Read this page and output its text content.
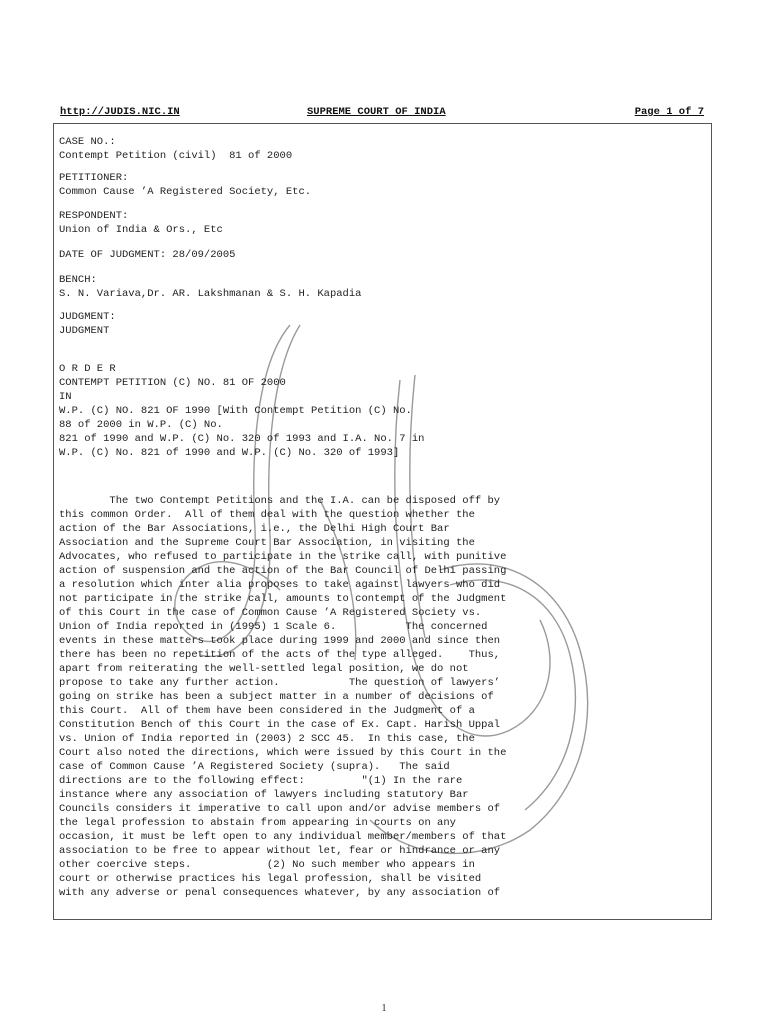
http://JUDIS.NIC.IN	SUPREME COURT OF INDIA	Page 1 of 7
CASE NO.:
Contempt Petition (civil)  81 of 2000
PETITIONER:
Common Cause ’A Registered Society, Etc.
RESPONDENT:
Union of India & Ors., Etc
DATE OF JUDGMENT: 28/09/2005
BENCH:
S. N. Variava,Dr. AR. Lakshmanan & S. H. Kapadia
JUDGMENT:
JUDGMENT
O R D E R
CONTEMPT PETITION (C) NO. 81 OF 2000
IN
W.P. (C) NO. 821 OF 1990 [With Contempt Petition (C) No.
88 of 2000 in W.P. (C) No.
821 of 1990 and W.P. (C) No. 320 of 1993 and I.A. No. 7 in
W.P. (C) No. 821 of 1990 and W.P. (C) No. 320 of 1993]
The two Contempt Petitions and the I.A. can be disposed off by
this common Order.  All of them deal with the question whether the
action of the Bar Associations, i.e., the Delhi High Court Bar
Association and the Supreme Court Bar Association, in visiting the
Advocates, who refused to participate in the strike call, with punitive
action of suspension and the action of the Bar Council of Delhi passing
a resolution which inter alia proposes to take against lawyers who did
not participate in the strike call, amounts to contempt of the Judgment
of this Court in the case of Common Cause ’A Registered Society vs.
Union of India reported in (1995) 1 Scale 6.           The concerned
events in these matters took place during 1999 and 2000 and since then
there has been no repetition of the acts of the type alleged.    Thus,
apart from reiterating the well-settled legal position, we do not
propose to take any further action.           The question of lawyers’
going on strike has been a subject matter in a number of decisions of
this Court.  All of them have been considered in the Judgment of a
Constitution Bench of this Court in the case of Ex. Capt. Harish Uppal
vs. Union of India reported in (2003) 2 SCC 45.  In this case, the
Court also noted the directions, which were issued by this Court in the
case of Common Cause ’A Registered Society (supra).   The said
directions are to the following effect:         "(1) In the rare
instance where any association of lawyers including statutory Bar
Councils considers it imperative to call upon and/or advise members of
the legal profession to abstain from appearing in courts on any
occasion, it must be left open to any individual member/members of that
association to be free to appear without let, fear or hindrance or any
other coercive steps.            (2) No such member who appears in
court or otherwise practices his legal profession, shall be visited
with any adverse or penal consequences whatever, by any association of
1
